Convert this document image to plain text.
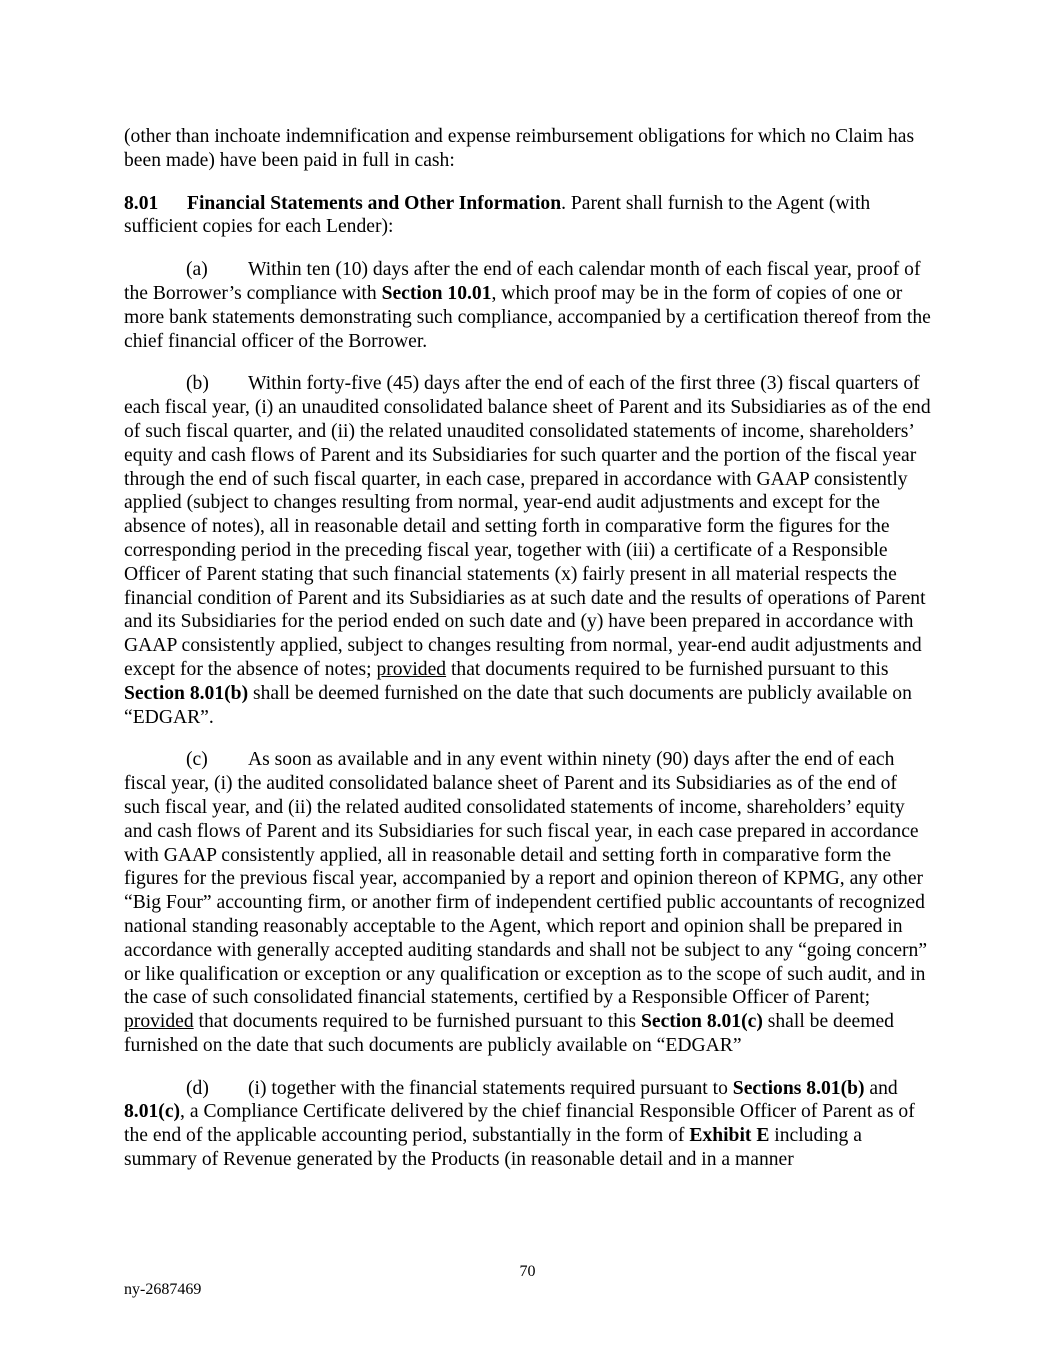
(other than inchoate indemnification and expense reimbursement obligations for which no Claim has been made) have been paid in full in cash:

8.01 Financial Statements and Other Information. Parent shall furnish to the Agent (with sufficient copies for each Lender):

(a) Within ten (10) days after the end of each calendar month of each fiscal year, proof of the Borrower’s compliance with Section 10.01, which proof may be in the form of copies of one or more bank statements demonstrating such compliance, accompanied by a certification thereof from the chief financial officer of the Borrower.

(b) Within forty-five (45) days after the end of each of the first three (3) fiscal quarters of each fiscal year, (i) an unaudited consolidated balance sheet of Parent and its Subsidiaries as of the end of such fiscal quarter, and (ii) the related unaudited consolidated statements of income, shareholders’ equity and cash flows of Parent and its Subsidiaries for such quarter and the portion of the fiscal year through the end of such fiscal quarter, in each case, prepared in accordance with GAAP consistently applied (subject to changes resulting from normal, year-end audit adjustments and except for the absence of notes), all in reasonable detail and setting forth in comparative form the figures for the corresponding period in the preceding fiscal year, together with (iii) a certificate of a Responsible Officer of Parent stating that such financial statements (x) fairly present in all material respects the financial condition of Parent and its Subsidiaries as at such date and the results of operations of Parent and its Subsidiaries for the period ended on such date and (y) have been prepared in accordance with GAAP consistently applied, subject to changes resulting from normal, year-end audit adjustments and except for the absence of notes; provided that documents required to be furnished pursuant to this Section 8.01(b) shall be deemed furnished on the date that such documents are publicly available on “EDGAR”.

(c) As soon as available and in any event within ninety (90) days after the end of each fiscal year, (i) the audited consolidated balance sheet of Parent and its Subsidiaries as of the end of such fiscal year, and (ii) the related audited consolidated statements of income, shareholders’ equity and cash flows of Parent and its Subsidiaries for such fiscal year, in each case prepared in accordance with GAAP consistently applied, all in reasonable detail and setting forth in comparative form the figures for the previous fiscal year, accompanied by a report and opinion thereon of KPMG, any other “Big Four” accounting firm, or another firm of independent certified public accountants of recognized national standing reasonably acceptable to the Agent, which report and opinion shall be prepared in accordance with generally accepted auditing standards and shall not be subject to any “going concern” or like qualification or exception or any qualification or exception as to the scope of such audit, and in the case of such consolidated financial statements, certified by a Responsible Officer of Parent; provided that documents required to be furnished pursuant to this Section 8.01(c) shall be deemed furnished on the date that such documents are publicly available on “EDGAR”

(d) (i) together with the financial statements required pursuant to Sections 8.01(b) and 8.01(c), a Compliance Certificate delivered by the chief financial Responsible Officer of Parent as of the end of the applicable accounting period, substantially in the form of Exhibit E including a summary of Revenue generated by the Products (in reasonable detail and in a manner

70
ny-2687469
